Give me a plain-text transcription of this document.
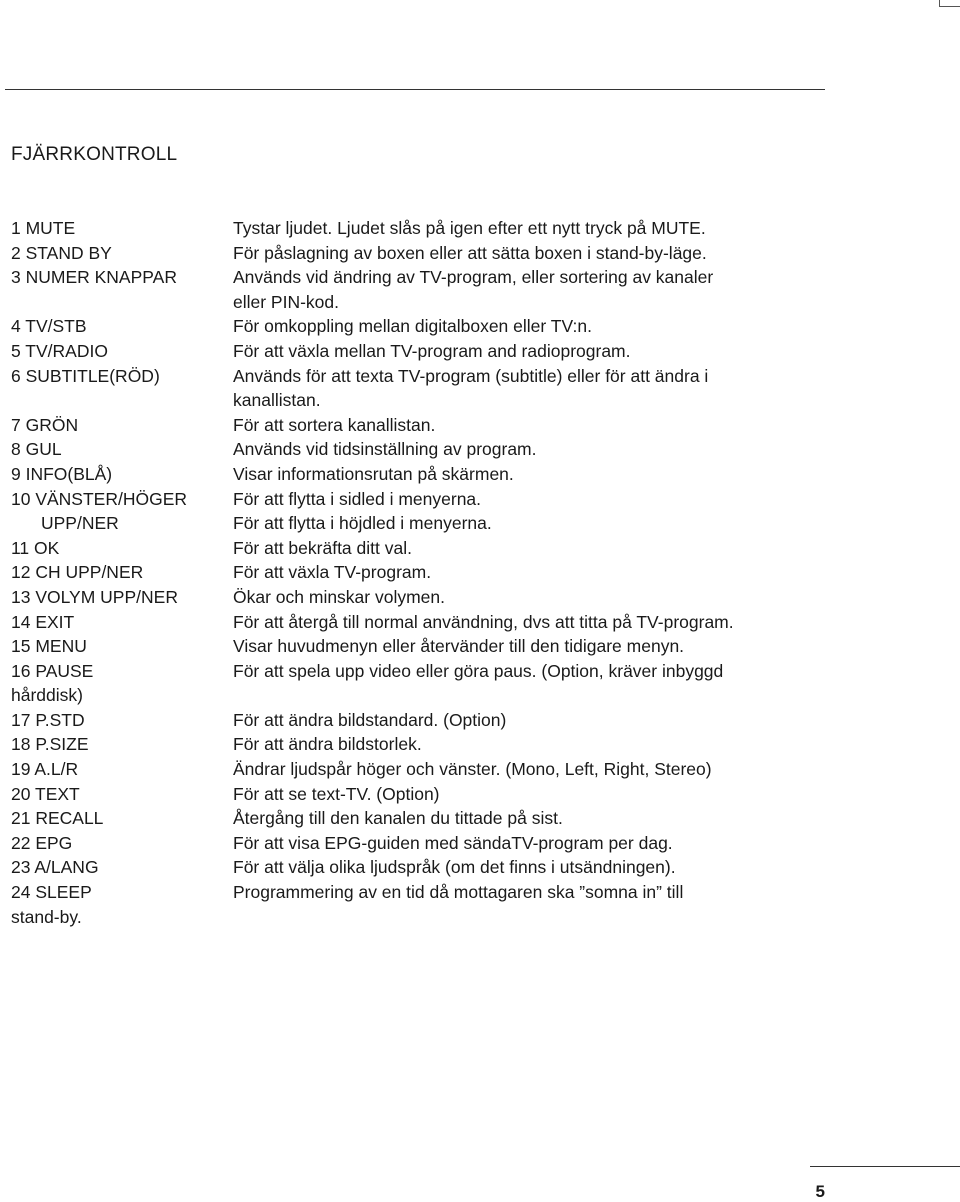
FJÄRRKONTROLL
1 MUTE	Tystar ljudet. Ljudet slås på igen efter ett nytt tryck på MUTE.
2 STAND BY	För påslagning av boxen eller att sätta boxen i stand-by-läge.
3 NUMER KNAPPAR	Används vid ändring av TV-program, eller sortering av kanaler
eller PIN-kod.
4 TV/STB	För omkoppling mellan digitalboxen eller TV:n.
5 TV/RADIO	För att växla mellan TV-program and radioprogram.
6 SUBTITLE(RÖD)	Används för att texta TV-program (subtitle) eller för att ändra i
kanallistan.
7 GRÖN	För att sortera kanallistan.
8 GUL	Används vid tidsinställning av program.
9 INFO(BLÅ)	Visar informationsrutan på skärmen.
10 VÄNSTER/HÖGER	För att flytta i sidled i menyerna.
UPP/NER	För att flytta i höjdled i menyerna.
11 OK	För att bekräfta ditt val.
12 CH UPP/NER	För att växla TV-program.
13 VOLYM UPP/NER	Ökar och minskar volymen.
14 EXIT	För att återgå till normal användning, dvs att titta på TV-program.
15 MENU	Visar huvudmenyn eller återvänder till den tidigare menyn.
16 PAUSE	För att spela upp video eller göra paus. (Option, kräver inbyggd
hårddisk)
17 P.STD	För att ändra bildstandard. (Option)
18 P.SIZE	För att ändra bildstorlek.
19 A.L/R	Ändrar ljudspår höger och vänster. (Mono, Left, Right, Stereo)
20 TEXT	För att se text-TV. (Option)
21 RECALL	Återgång till den kanalen du tittade på sist.
22 EPG	För att visa EPG-guiden med sändaTV-program per dag.
23 A/LANG	För att välja olika ljudspråk (om det finns i utsändningen).
24 SLEEP	Programmering av en tid då mottagaren ska ”somna in” till
stand-by.
5
